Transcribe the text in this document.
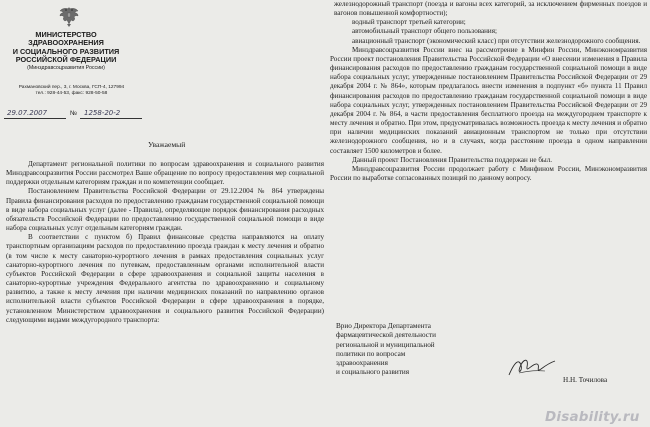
МИНИСТЕРСТВО
ЗДРАВООХРАНЕНИЯ
И СОЦИАЛЬНОГО РАЗВИТИЯ
РОССИЙСКОЙ ФЕДЕРАЦИИ
(Минздравсоцразвития России)
Рахмановский пер., 3, г. Москва, ГСП-4, 127994
тел.: 928-44-53, факс: 928-50-58
29.07.2007	№ 1258-20-2
Уважаемый

Департамент региональной политики по вопросам здравоохранения и социального развития Минздравсоцразвития России рассмотрел Ваше обращение по вопросу предоставления мер социальной поддержки отдельным категориям граждан и по компетенции сообщает.

Постановлением Правительства Российской Федерации от 29.12.2004 № 864 утверждены Правила финансирования расходов по предоставлению гражданам государственной социальной помощи в виде набора социальных услуг (далее - Правила), определяющие порядок финансирования расходных обязательств Российской Федерации по предоставлению государственной социальной помощи в виде набора социальных услуг отдельным категориям граждан.

В соответствии с пунктом б) Правил финансовые средства направляются на оплату транспортным организациям расходов по предоставлению проезда граждан к месту лечения и обратно (в том числе к месту санаторно-курортного лечения в рамках предоставления социальных услуг санаторно-курортного лечения по путевкам, предоставленным органами исполнительной власти субъектов Российской Федерации в сфере здравоохранения и социальной защиты населения в санаторно-курортные учреждения Федерального агентства по здравоохранению и социальному развитию, а также к месту лечения при наличии медицинских показаний по направлению органов исполнительной власти субъектов Российской Федерации в сфере здравоохранения в порядке, установленном Министерством здравоохранения и социального развития Российской Федерации) следующими видами междугородного транспорта:

железнодорожный транспорт (поезда и вагоны всех категорий, за исключением фирменных поездов и вагонов повышенной комфортности);

водный транспорт третьей категории;

автомобильный транспорт общего пользования;

авиационный транспорт (экономический класс) при отсутствии железнодорожного сообщения.

Минздравсоцразвития России внес на рассмотрение в Минфин России, Минэкономразвития России проект постановления Правительства Российской Федерации «О внесении изменения в Правила финансирования расходов по предоставлению гражданам государственной социальной помощи в виде набора социальных услуг, утвержденные постановлением Правительства Российской Федерации от 29 декабря 2004 г. № 864», которым предлагалось внести изменения в подпункт «б» пункта 11 Правил финансирования расходов по предоставлению гражданам государственной социальной помощи в виде набора социальных услуг, утвержденных постановлением Правительства Российской Федерации от 29 декабря 2004 г. № 864, в части предоставления бесплатного проезда на междугороднем транспорте к месту лечения и обратно. При этом, предусматривалась возможность проезда к месту лечения и обратно при наличии медицинских показаний авиационным транспортом не только при отсутствии железнодорожного сообщения, но и в случаях, когда расстояние проезда в одном направлении составляет 1500 километров и более.

Данный проект Постановления Правительства поддержан не был.

Минздравсоцразвития России продолжает работу с Минфином России, Минэкономразвития России по выработке согласованных позиций по данному вопросу.

Врио Директора Департамента
фармацевтической деятельности
региональной и муниципальной
политики по вопросам
здравоохранения
и социального развития
Н.Н. Точилова
Disability.ru
